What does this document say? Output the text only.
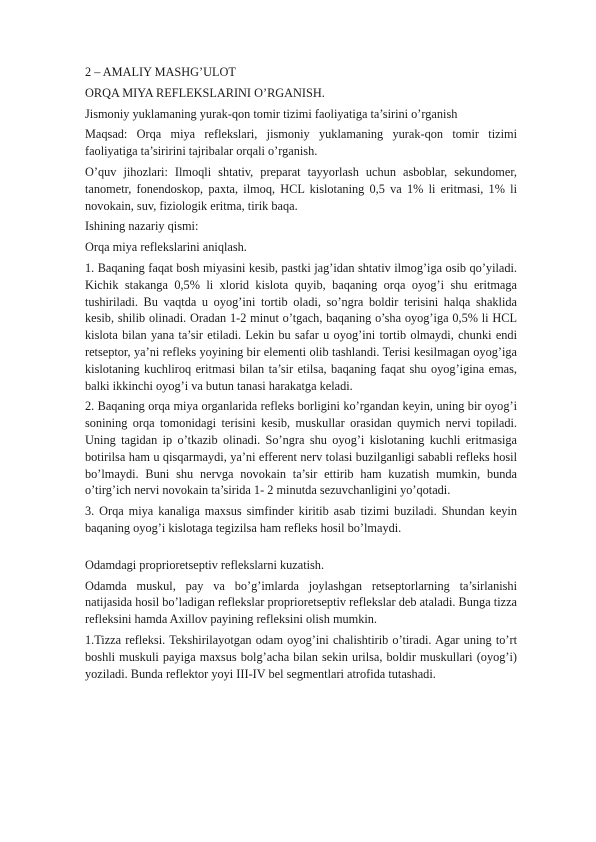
2 – AMALIY MASHG’ULOT

ORQA MIYA REFLEKSLARINI O’RGANISH.

Jismoniy yuklamaning yurak-qon tomir tizimi faoliyatiga ta’sirini o’rganish

Maqsad: Orqa miya reflekslari, jismoniy yuklamaning yurak-qon tomir tizimi faoliyatiga ta’siririni tajribalar orqali o’rganish.

O’quv jihozlari: Ilmoqli shtativ, preparat tayyorlash uchun asboblar, sekundomer, tanometr, fonendoskop, paxta, ilmoq, HCL kislotaning 0,5 va 1% li eritmasi, 1% li novokain, suv, fiziologik eritma, tirik baqa.

Ishining nazariy qismi:

Orqa miya reflekslarini aniqlash.

1. Baqaning faqat bosh miyasini kesib, pastki jag’idan shtativ ilmog’iga osib qo’yiladi. Kichik stakanga 0,5% li xlorid kislota quyib, baqaning orqa oyog’i shu eritmaga tushiriladi. Bu vaqtda u oyog’ini tortib oladi, so’ngra boldir terisini halqa shaklida kesib, shilib olinadi. Oradan 1-2 minut o’tgach, baqaning o’sha oyog’iga 0,5% li HCL kislota bilan yana ta’sir etiladi. Lekin bu safar u oyog’ini tortib olmaydi, chunki endi retseptor, ya’ni refleks yoyining bir elementi olib tashlandi. Terisi kesilmagan oyog’iga kislotaning kuchliroq eritmasi bilan ta’sir etilsa, baqaning faqat shu oyog’igina emas, balki ikkinchi oyog’i va butun tanasi harakatga keladi.

2. Baqaning orqa miya organlarida refleks borligini ko’rgandan keyin, uning bir oyog’i sonining orqa tomonidagi terisini kesib, muskullar orasidan quymich nervi topiladi. Uning tagidan ip o’tkazib olinadi. So’ngra shu oyog’i kislotaning kuchli eritmasiga botirilsa ham u qisqarmaydi, ya’ni efferent nerv tolasi buzilganligi sababli refleks hosil bo’lmaydi. Buni shu nervga novokain ta’sir ettirib ham kuzatish mumkin, bunda o’tirg’ich nervi novokain ta’sirida 1- 2 minutda sezuvchanligini yo’qotadi.

3. Orqa miya kanaliga maxsus simfinder kiritib asab tizimi buziladi. Shundan keyin baqaning oyog’i kislotaga tegizilsa ham refleks hosil bo’lmaydi.

Odamdagi proprioretseptiv reflekslarni kuzatish.

Odamda muskul, pay va bo’g’imlarda joylashgan retseptorlarning ta’sirlanishi natijasida hosil bo’ladigan reflekslar proprioretseptiv reflekslar deb ataladi. Bunga tizza refleksini hamda Axillov payining refleksini olish mumkin.

1.Tizza refleksi. Tekshirilayotgan odam oyog’ini chalishtirib o’tiradi. Agar uning to’rt boshli muskuli payiga maxsus bolg’acha bilan sekin urilsa, boldir muskullari (oyog’i) yoziladi. Bunda reflektor yoyi III-IV bel segmentlari atrofida tutashadi.
